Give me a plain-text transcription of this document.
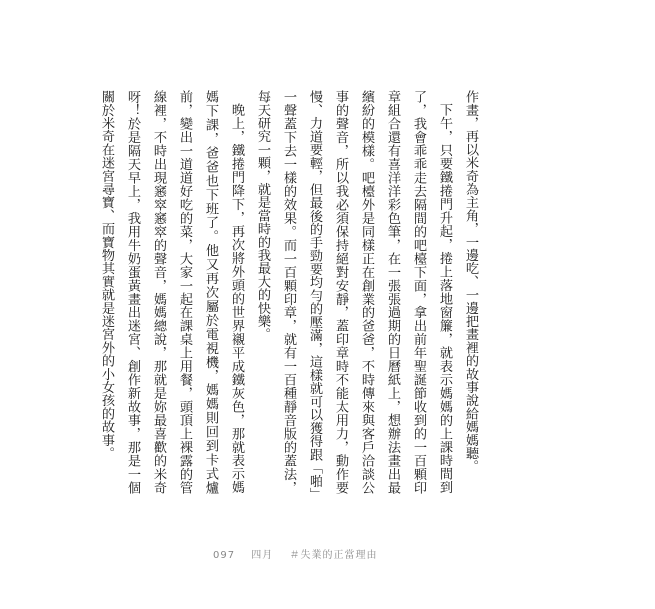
作畫，再以米奇為主角，一邊吃、一邊把畫裡的故事說給媽媽聽。

下午，只要鐵捲門升起，捲上落地窗簾，就表示媽媽的上課時間到了，我會乖乖走去隔間的吧檯下面，拿出前年聖誕節收到的一百顆印章組合還有喜洋洋彩色筆，在一張張過期的日曆紙上，想辦法畫出最繽紛的模樣。吧檯外是同樣正在創業的爸爸，不時傳來與客戶洽談公事的聲音，所以我必須保持絕對安靜，蓋印章時不能太用力，動作要慢、力道要輕，但最後的手勁要均勻的壓滿，這樣就可以獲得跟「啪」一聲蓋下去一樣的效果。而一百顆印章，就有一百種靜音版的蓋法，每天研究一顆，就是當時的我最大的快樂。

晚上，鐵捲門降下，再次將外頭的世界襯平成鐵灰色，那就表示媽媽下課，爸爸也下班了。他又再次屬於電視機，媽媽則回到卡式爐前，變出一道道好吃的菜，大家一起在課桌上用餐，頭頂上裸露的管線裡，不時出現窸窣窸窣的聲音，媽媽總說，那就是妳最喜歡的米奇呀！於是隔天早上，我用牛奶蛋黃畫出迷宮、創作新故事，那是一個關於米奇在迷宮尋寶、而寶物其實就是迷宮外的小女孩的故事。

097 四月 ＃失業的正當理由
